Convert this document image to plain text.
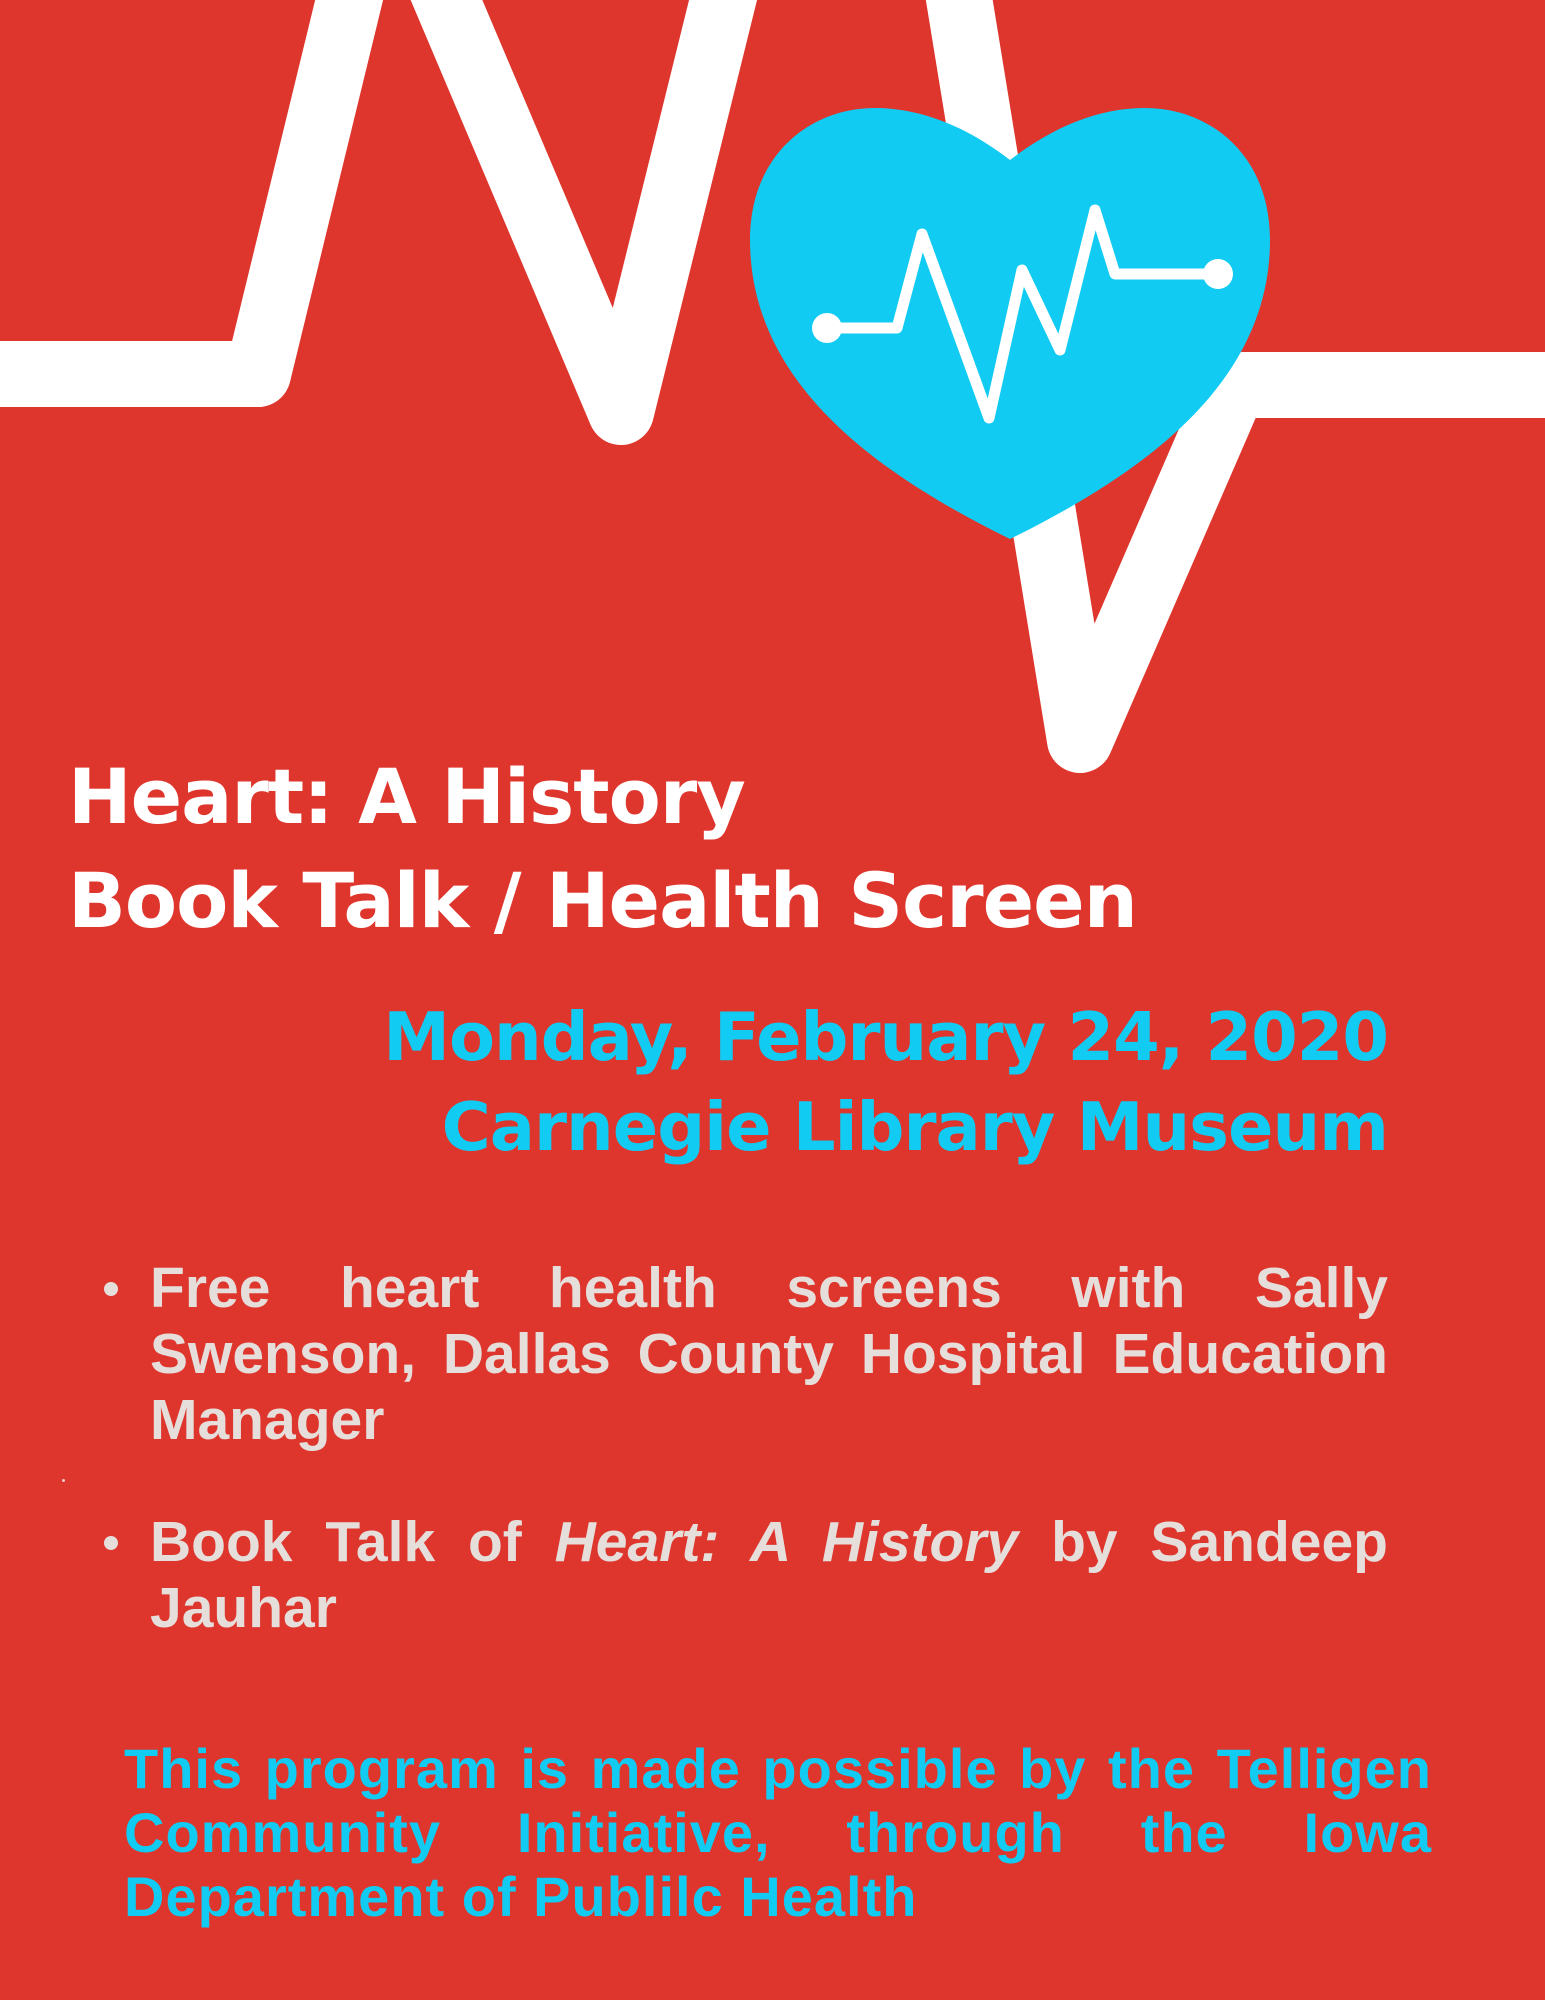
Heart: A History
Book Talk / Health Screen
Monday, February 24, 2020
Carnegie Library Museum
Free heart health screens with Sally Swenson, Dallas County Hospital Education Manager
Book Talk of Heart: A History by Sandeep Jauhar
This program is made possible by the Telligen Community Initiative, through the Iowa Department of Publilc Health
